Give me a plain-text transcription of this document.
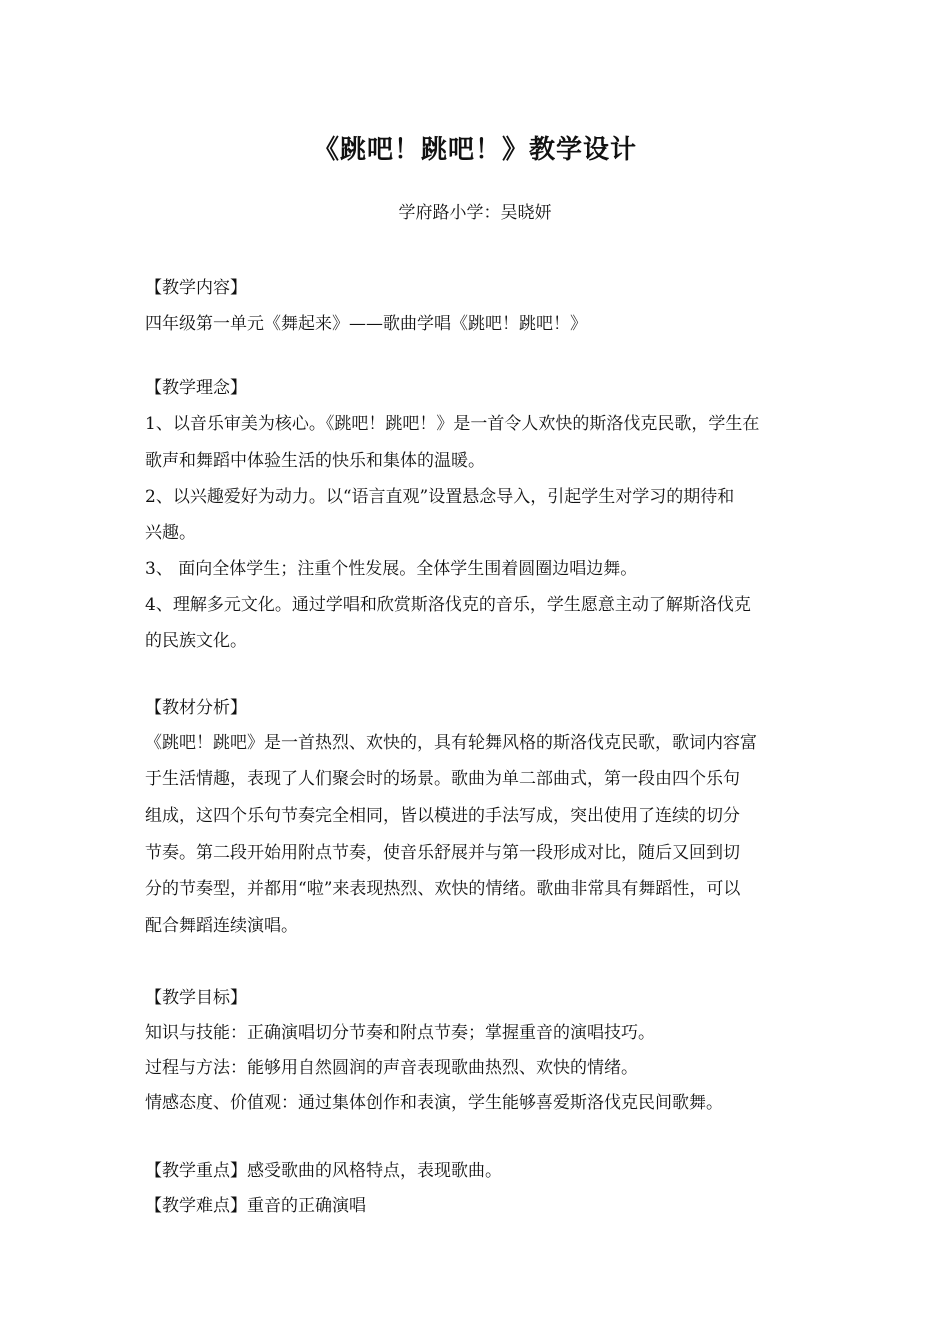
《跳吧！跳吧！》教学设计
学府路小学：吴晓妍
【教学内容】
四年级第一单元《舞起来》——歌曲学唱《跳吧！跳吧！》
【教学理念】
1、以音乐审美为核心。《跳吧！跳吧！》是一首令人欢快的斯洛伐克民歌，学生在
歌声和舞蹈中体验生活的快乐和集体的温暖。
2、以兴趣爱好为动力。以“语言直观”设置悬念导入，引起学生对学习的期待和
兴趣。
3、 面向全体学生；注重个性发展。全体学生围着圆圈边唱边舞。
4、理解多元文化。通过学唱和欣赏斯洛伐克的音乐，学生愿意主动了解斯洛伐克
的民族文化。
【教材分析】
《跳吧！跳吧》是一首热烈、欢快的，具有轮舞风格的斯洛伐克民歌，歌词内容富
于生活情趣，表现了人们聚会时的场景。歌曲为单二部曲式，第一段由四个乐句
组成，这四个乐句节奏完全相同，皆以模进的手法写成，突出使用了连续的切分
节奏。第二段开始用附点节奏，使音乐舒展并与第一段形成对比，随后又回到切
分的节奏型，并都用“啦”来表现热烈、欢快的情绪。歌曲非常具有舞蹈性，可以
配合舞蹈连续演唱。
【教学目标】
知识与技能：正确演唱切分节奏和附点节奏；掌握重音的演唱技巧。
过程与方法：能够用自然圆润的声音表现歌曲热烈、欢快的情绪。
情感态度、价值观：通过集体创作和表演，学生能够喜爱斯洛伐克民间歌舞。
【教学重点】感受歌曲的风格特点，表现歌曲。
【教学难点】重音的正确演唱
